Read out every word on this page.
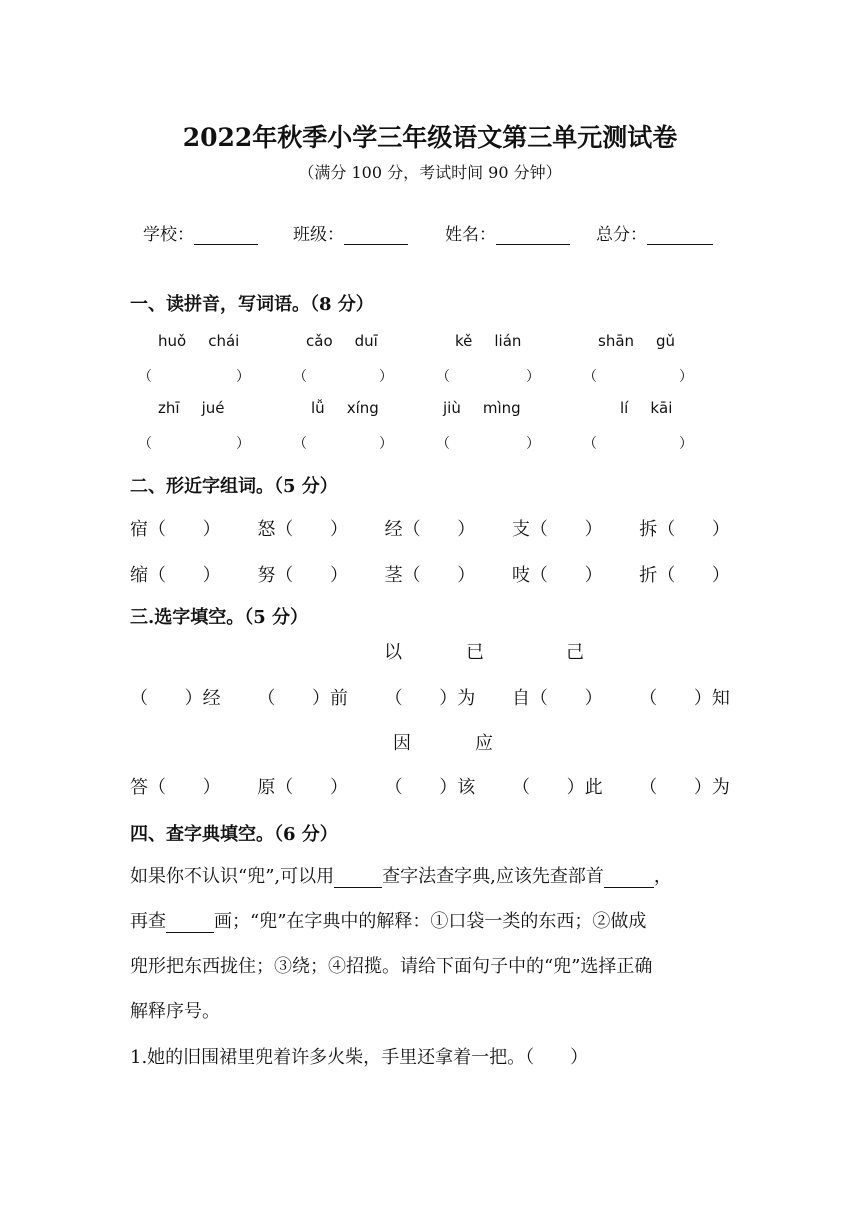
2022年秋季小学三年级语文第三单元测试卷
（满分 100 分，考试时间 90 分钟）
学校：	班级：	姓名：	总分：
一、读拼音，写词语。（8 分）
huǒ chái	cǎo duī	kě lián	shān gǔ
（	）	（	）	（	）	（	）
zhī jué	lǚ xíng	jiù mìng	lí kāi
（	）	（	）	（	）	（	）
二、形近字组词。（5 分）
宿（ ） 怒（ ） 经（ ） 支（ ） 拆（ ）
缩（ ） 努（ ） 茎（ ） 吱（ ） 折（ ）
三.选字填空。（5 分）
以	已	己
（ ）经 （ ）前 （ ）为 自（ ） （ ）知
因	应
答（ ） 原（ ） （ ）该 （ ）此 （ ）为
四、查字典填空。（6 分）
如果你不认识“兜”,可以用	查字法查字典,应该先查部首	，
再查	画；“兜”在字典中的解释：①口袋一类的东西；②做成
兜形把东西拢住；③绕；④招揽。请给下面句子中的“兜”选择正确
解释序号。
1.她的旧围裙里兜着许多火柴，手里还拿着一把。（　　）
